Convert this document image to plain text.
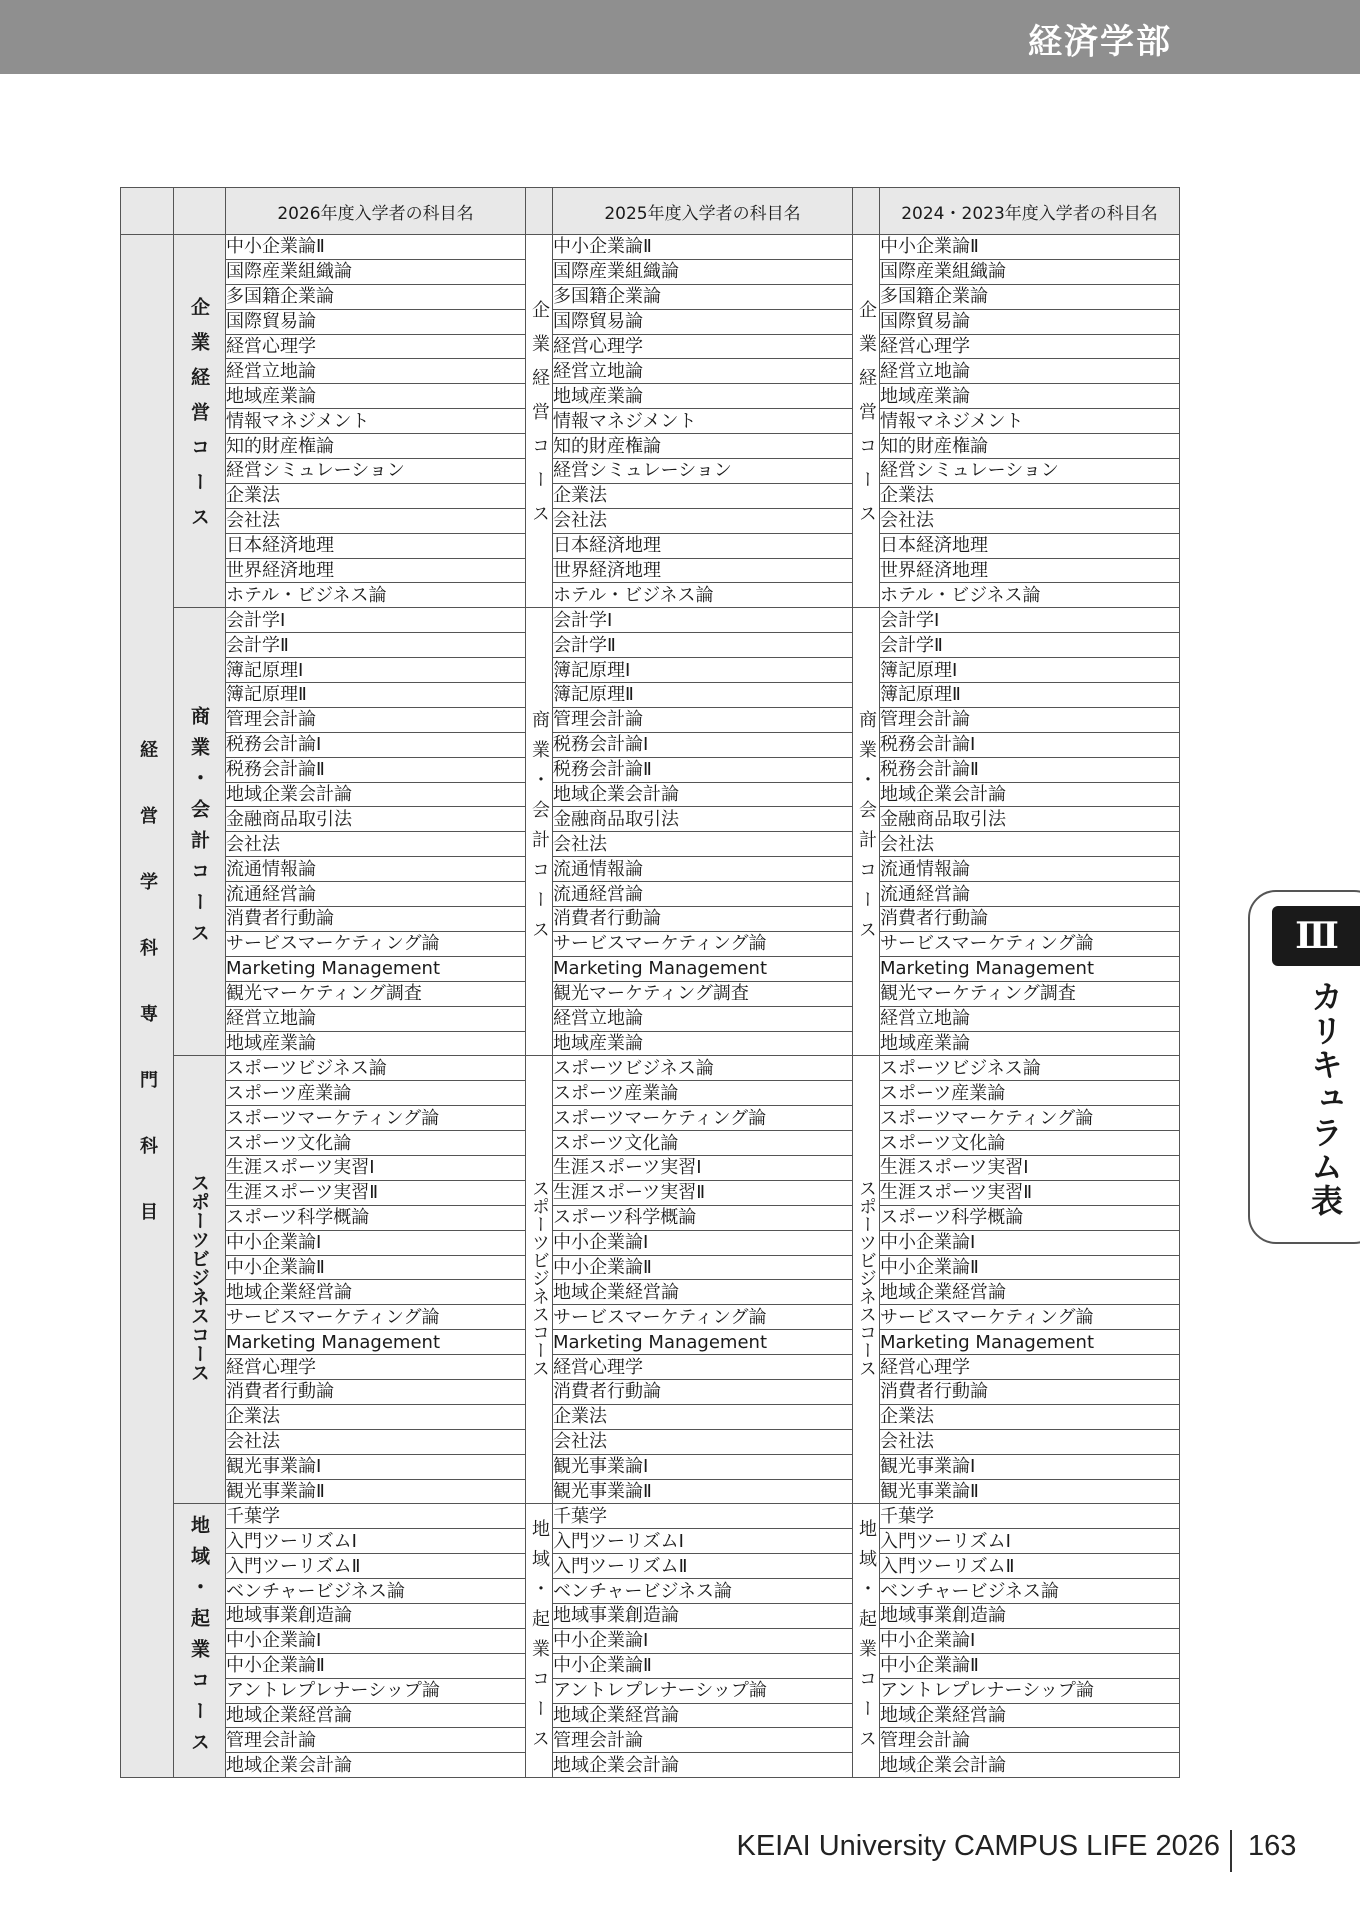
経済学部
		2026年度入学者の科目名		2025年度入学者の科目名		2024・2023年度入学者の科目名
経営学科専門科目	企業経営コース	中小企業論Ⅱ	企業経営コース	中小企業論Ⅱ	企業経営コース	中小企業論Ⅱ
		国際産業組織論		国際産業組織論		国際産業組織論
		多国籍企業論		多国籍企業論		多国籍企業論
		国際貿易論		国際貿易論		国際貿易論
		経営心理学		経営心理学		経営心理学
		経営立地論		経営立地論		経営立地論
		地域産業論		地域産業論		地域産業論
		情報マネジメント		情報マネジメント		情報マネジメント
		知的財産権論		知的財産権論		知的財産権論
		経営シミュレーション		経営シミュレーション		経営シミュレーション
		企業法		企業法		企業法
		会社法		会社法		会社法
		日本経済地理		日本経済地理		日本経済地理
		世界経済地理		世界経済地理		世界経済地理
		ホテル・ビジネス論		ホテル・ビジネス論		ホテル・ビジネス論
	商業・会計コース	会計学Ⅰ	商業・会計コース	会計学Ⅰ	商業・会計コース	会計学Ⅰ
		会計学Ⅱ		会計学Ⅱ		会計学Ⅱ
		簿記原理Ⅰ		簿記原理Ⅰ		簿記原理Ⅰ
		簿記原理Ⅱ		簿記原理Ⅱ		簿記原理Ⅱ
		管理会計論		管理会計論		管理会計論
		税務会計論Ⅰ		税務会計論Ⅰ		税務会計論Ⅰ
		税務会計論Ⅱ		税務会計論Ⅱ		税務会計論Ⅱ
		地域企業会計論		地域企業会計論		地域企業会計論
		金融商品取引法		金融商品取引法		金融商品取引法
		会社法		会社法		会社法
		流通情報論		流通情報論		流通情報論
		流通経営論		流通経営論		流通経営論
		消費者行動論		消費者行動論		消費者行動論
		サービスマーケティング論		サービスマーケティング論		サービスマーケティング論
		Marketing Management		Marketing Management		Marketing Management
		観光マーケティング調査		観光マーケティング調査		観光マーケティング調査
		経営立地論		経営立地論		経営立地論
		地域産業論		地域産業論		地域産業論
	スポーツビジネスコース	スポーツビジネス論	スポーツビジネスコース	スポーツビジネス論	スポーツビジネスコース	スポーツビジネス論
		スポーツ産業論		スポーツ産業論		スポーツ産業論
		スポーツマーケティング論		スポーツマーケティング論		スポーツマーケティング論
		スポーツ文化論		スポーツ文化論		スポーツ文化論
		生涯スポーツ実習Ⅰ		生涯スポーツ実習Ⅰ		生涯スポーツ実習Ⅰ
		生涯スポーツ実習Ⅱ		生涯スポーツ実習Ⅱ		生涯スポーツ実習Ⅱ
		スポーツ科学概論		スポーツ科学概論		スポーツ科学概論
		中小企業論Ⅰ		中小企業論Ⅰ		中小企業論Ⅰ
		中小企業論Ⅱ		中小企業論Ⅱ		中小企業論Ⅱ
		地域企業経営論		地域企業経営論		地域企業経営論
		サービスマーケティング論		サービスマーケティング論		サービスマーケティング論
		Marketing Management		Marketing Management		Marketing Management
		経営心理学		経営心理学		経営心理学
		消費者行動論		消費者行動論		消費者行動論
		企業法		企業法		企業法
		会社法		会社法		会社法
		観光事業論Ⅰ		観光事業論Ⅰ		観光事業論Ⅰ
		観光事業論Ⅱ		観光事業論Ⅱ		観光事業論Ⅱ
	地域・起業コース	千葉学	地域・起業コース	千葉学	地域・起業コース	千葉学
		入門ツーリズムⅠ		入門ツーリズムⅠ		入門ツーリズムⅠ
		入門ツーリズムⅡ		入門ツーリズムⅡ		入門ツーリズムⅡ
		ベンチャービジネス論		ベンチャービジネス論		ベンチャービジネス論
		地域事業創造論		地域事業創造論		地域事業創造論
		中小企業論Ⅰ		中小企業論Ⅰ		中小企業論Ⅰ
		中小企業論Ⅱ		中小企業論Ⅱ		中小企業論Ⅱ
		アントレプレナーシップ論		アントレプレナーシップ論		アントレプレナーシップ論
		地域企業経営論		地域企業経営論		地域企業経営論
		管理会計論		管理会計論		管理会計論
		地域企業会計論		地域企業会計論		地域企業会計論
Ⅲ
カリキュラム表
KEIAI University CAMPUS LIFE 2026 163
